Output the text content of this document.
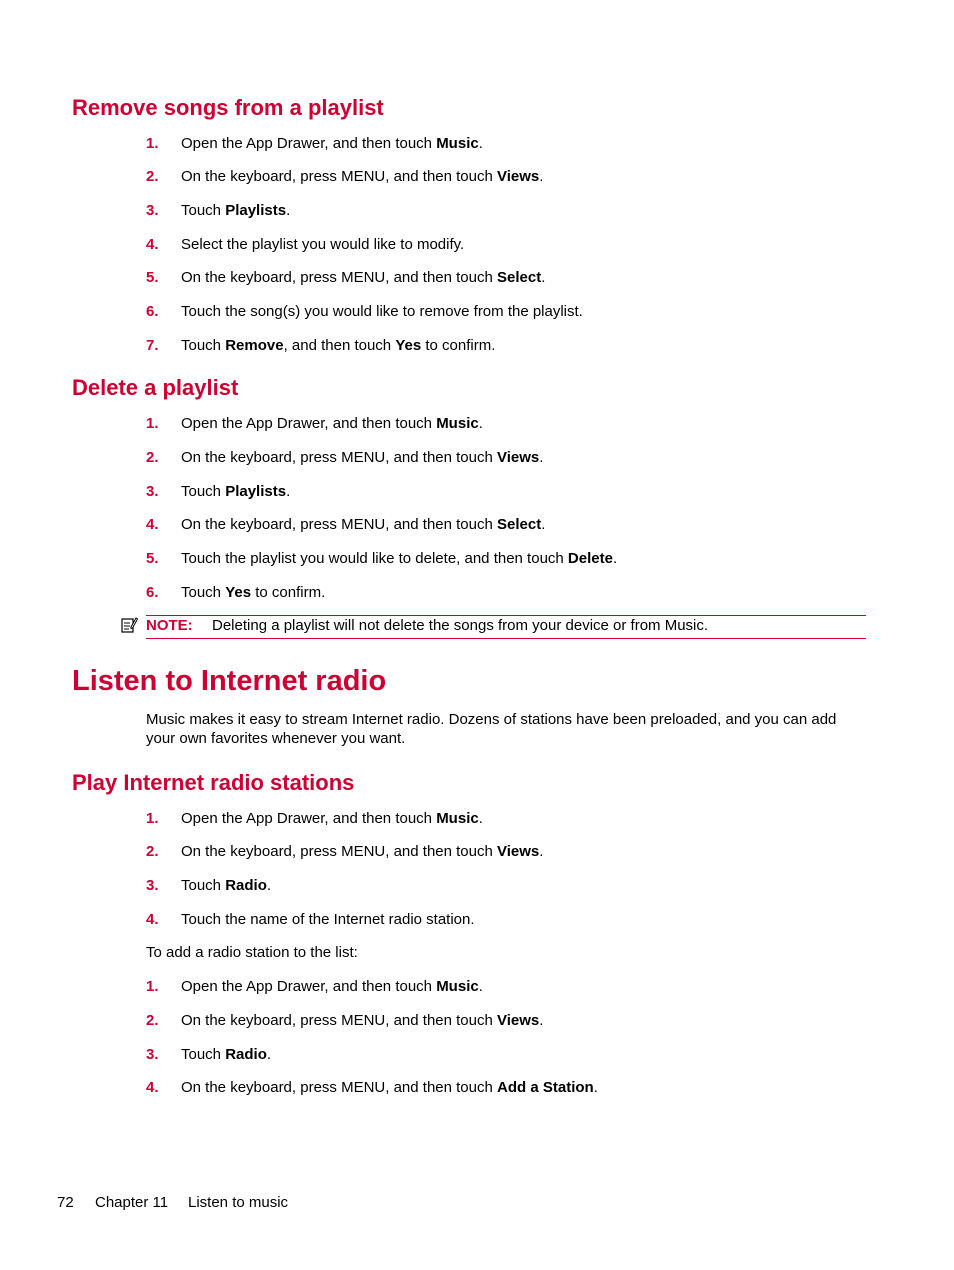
Remove songs from a playlist
1. Open the App Drawer, and then touch Music.
2. On the keyboard, press MENU, and then touch Views.
3. Touch Playlists.
4. Select the playlist you would like to modify.
5. On the keyboard, press MENU, and then touch Select.
6. Touch the song(s) you would like to remove from the playlist.
7. Touch Remove, and then touch Yes to confirm.
Delete a playlist
1. Open the App Drawer, and then touch Music.
2. On the keyboard, press MENU, and then touch Views.
3. Touch Playlists.
4. On the keyboard, press MENU, and then touch Select.
5. Touch the playlist you would like to delete, and then touch Delete.
6. Touch Yes to confirm.
NOTE: Deleting a playlist will not delete the songs from your device or from Music.
Listen to Internet radio

Music makes it easy to stream Internet radio. Dozens of stations have been preloaded, and you can add your own favorites whenever you want.

Play Internet radio stations
1. Open the App Drawer, and then touch Music.
2. On the keyboard, press MENU, and then touch Views.
3. Touch Radio.
4. Touch the name of the Internet radio station.
To add a radio station to the list:
1. Open the App Drawer, and then touch Music.
2. On the keyboard, press MENU, and then touch Views.
3. Touch Radio.
4. On the keyboard, press MENU, and then touch Add a Station.
72 Chapter 11 Listen to music
